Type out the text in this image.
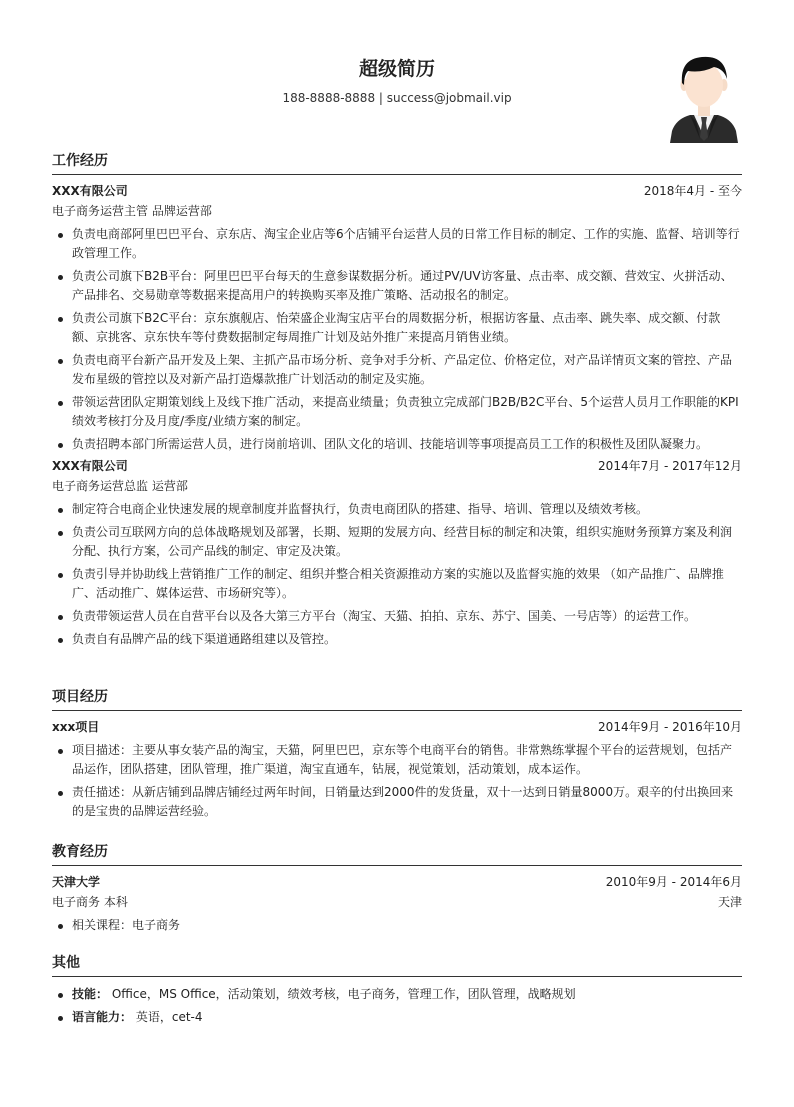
超级简历
188-8888-8888 | success@jobmail.vip
工作经历
XXX有限公司	2018年4月 - 至今
电子商务运营主管 品牌运营部
负责电商部阿里巴巴平台、京东店、淘宝企业店等6个店铺平台运营人员的日常工作目标的制定、工作的实施、监督、培训等行政管理工作。
负责公司旗下B2B平台：阿里巴巴平台每天的生意参谋数据分析。通过PV/UV访客量、点击率、成交额、营效宝、火拼活动、产品排名、交易勋章等数据来提高用户的转换购买率及推广策略、活动报名的制定。
负责公司旗下B2C平台：京东旗舰店、怡荣盛企业淘宝店平台的周数据分析，根据访客量、点击率、跳失率、成交额、付款额、京挑客、京东快车等付费数据制定每周推广计划及站外推广来提高月销售业绩。
负责电商平台新产品开发及上架、主抓产品市场分析、竞争对手分析、产品定位、价格定位，对产品详情页文案的管控、产品发布星级的管控以及对新产品打造爆款推广计划活动的制定及实施。
带领运营团队定期策划线上及线下推广活动，来提高业绩量；负责独立完成部门B2B/B2C平台、5个运营人员月工作职能的KPI绩效考核打分及月度/季度/业绩方案的制定。
负责招聘本部门所需运营人员，进行岗前培训、团队文化的培训、技能培训等事项提高员工工作的积极性及团队凝聚力。
XXX有限公司	2014年7月 - 2017年12月
电子商务运营总监 运营部
制定符合电商企业快速发展的规章制度并监督执行，负责电商团队的搭建、指导、培训、管理以及绩效考核。
负责公司互联网方向的总体战略规划及部署，长期、短期的发展方向、经营目标的制定和决策，组织实施财务预算方案及利润分配、执行方案，公司产品线的制定、审定及决策。
负责引导并协助线上营销推广工作的制定、组织并整合相关资源推动方案的实施以及监督实施的效果 （如产品推广、品牌推广、活动推广、媒体运营、市场研究等）。
负责带领运营人员在自营平台以及各大第三方平台（淘宝、天猫、拍拍、京东、苏宁、国美、一号店等）的运营工作。
负责自有品牌产品的线下渠道通路组建以及管控。
项目经历
xxx项目	2014年9月 - 2016年10月
项目描述：主要从事女装产品的淘宝，天猫，阿里巴巴，京东等个电商平台的销售。非常熟练掌握个平台的运营规划，包括产品运作，团队搭建，团队管理，推广渠道，淘宝直通车，钻展，视觉策划，活动策划，成本运作。
责任描述：从新店铺到品牌店铺经过两年时间，日销量达到2000件的发货量，双十一达到日销量8000万。艰辛的付出换回来的是宝贵的品牌运营经验。
教育经历
天津大学	2010年9月 - 2014年6月
电子商务 本科	天津
相关课程：电子商务
其他
技能： Office，MS Office，活动策划，绩效考核，电子商务，管理工作，团队管理，战略规划
语言能力： 英语，cet-4
